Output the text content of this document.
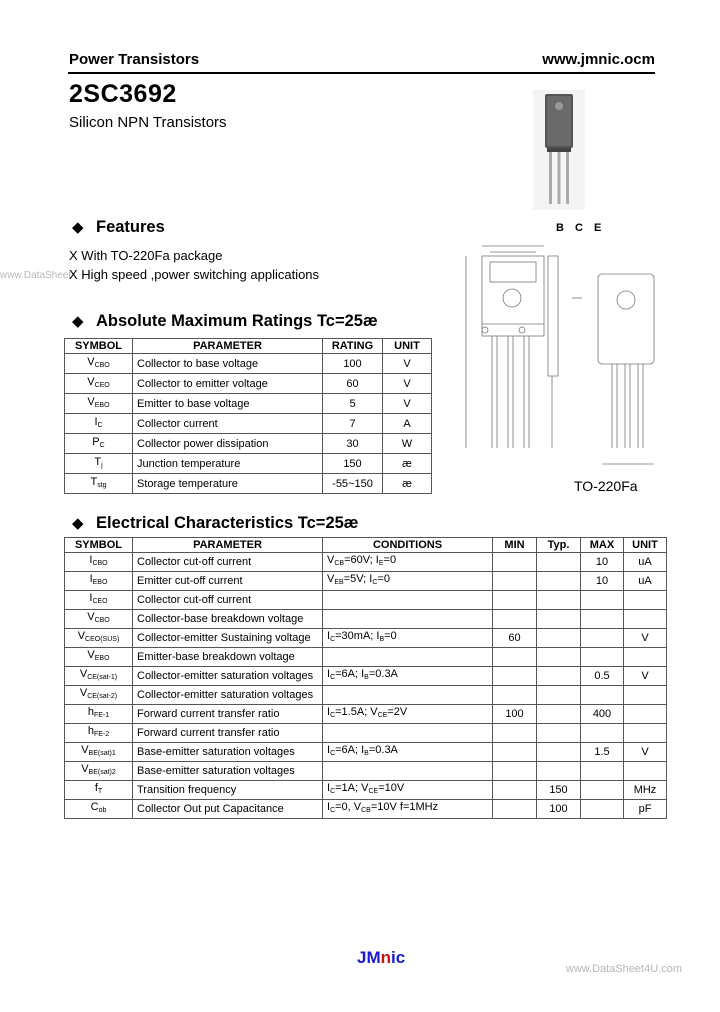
Power Transistors	www.jmnic.ocm
2SC3692
Silicon NPN Transistors
B C E
TO-220Fa
◆ Features
Χ With TO-220Fa package
www.DataSheet
Χ High speed ,power switching applications
◆ Absolute Maximum Ratings Tc=25æ
SYMBOL	PARAMETER	RATING	UNIT
$V_{CBO}$	Collector to base voltage	100	V
$V_{CEO}$	Collector to emitter voltage	60	V
$V_{EBO}$	Emitter to base voltage	5	V
$I_C$	Collector current	7	A
$P_C$	Collector power dissipation	30	W
$T_j$	Junction temperature	150	æ
$T_{stg}$	Storage temperature	-55~150	æ
◆ Electrical Characteristics Tc=25æ
SYMBOL	PARAMETER	CONDITIONS	MIN	Typ.	MAX	UNIT
$I_{CBO}$	Collector cut-off current	$V_{CB}=60V$; $I_E=0$			10	uA
$I_{EBO}$	Emitter cut-off current	$V_{EB}=5V$; $I_C=0$			10	uA
$I_{CEO}$	Collector cut-off current					
$V_{CBO}$	Collector-base breakdown voltage					
$V_{CEO(SUS)}$	Collector-emitter Sustaining voltage	$I_C=30mA$; $I_B=0$	60			V
$V_{EBO}$	Emitter-base breakdown voltage					
$V_{CE(sat-1)}$	Collector-emitter saturation voltages	$I_C=6A$; $I_B=0.3A$			0.5	V
$V_{CE(sat-2)}$	Collector-emitter saturation voltages					
$h_{FE-1}$	Forward current transfer ratio	$I_C=1.5A$; $V_{CE}=2V$	100		400	
$h_{FE-2}$	Forward current transfer ratio					
$V_{BE(sat)1}$	Base-emitter saturation voltages	$I_C=6A$; $I_B=0.3A$			1.5	V
$V_{BE(sat)2}$	Base-emitter saturation voltages					
$f_T$	Transition frequency	$I_C=1A$; $V_{CE}=10V$		150		MHz
$C_{ob}$	Collector Out put Capacitance	$I_C=0$, $V_{CB}=10V$ f=1MHz		100		pF
JMnic
www.DataSheet4U.com
